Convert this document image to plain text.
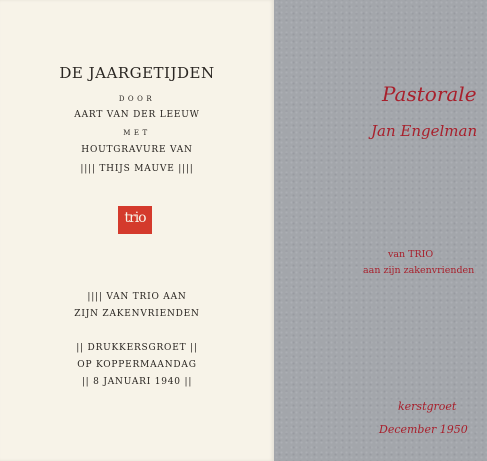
DE JAARGETIJDEN
DOOR
AART VAN DER LEEUW
MET
HOUTGRAVURE VAN
|||| THIJS MAUVE ||||
trio
|||| VAN TRIO AAN
ZIJN ZAKENVRIENDEN
|| DRUKKERSGROET ||
OP KOPPERMAANDAG
|| 8 JANUARI 1940 ||
Pastorale
Jan Engelman
van TRIO
aan zijn zakenvrienden
kerstgroet
December 1950
